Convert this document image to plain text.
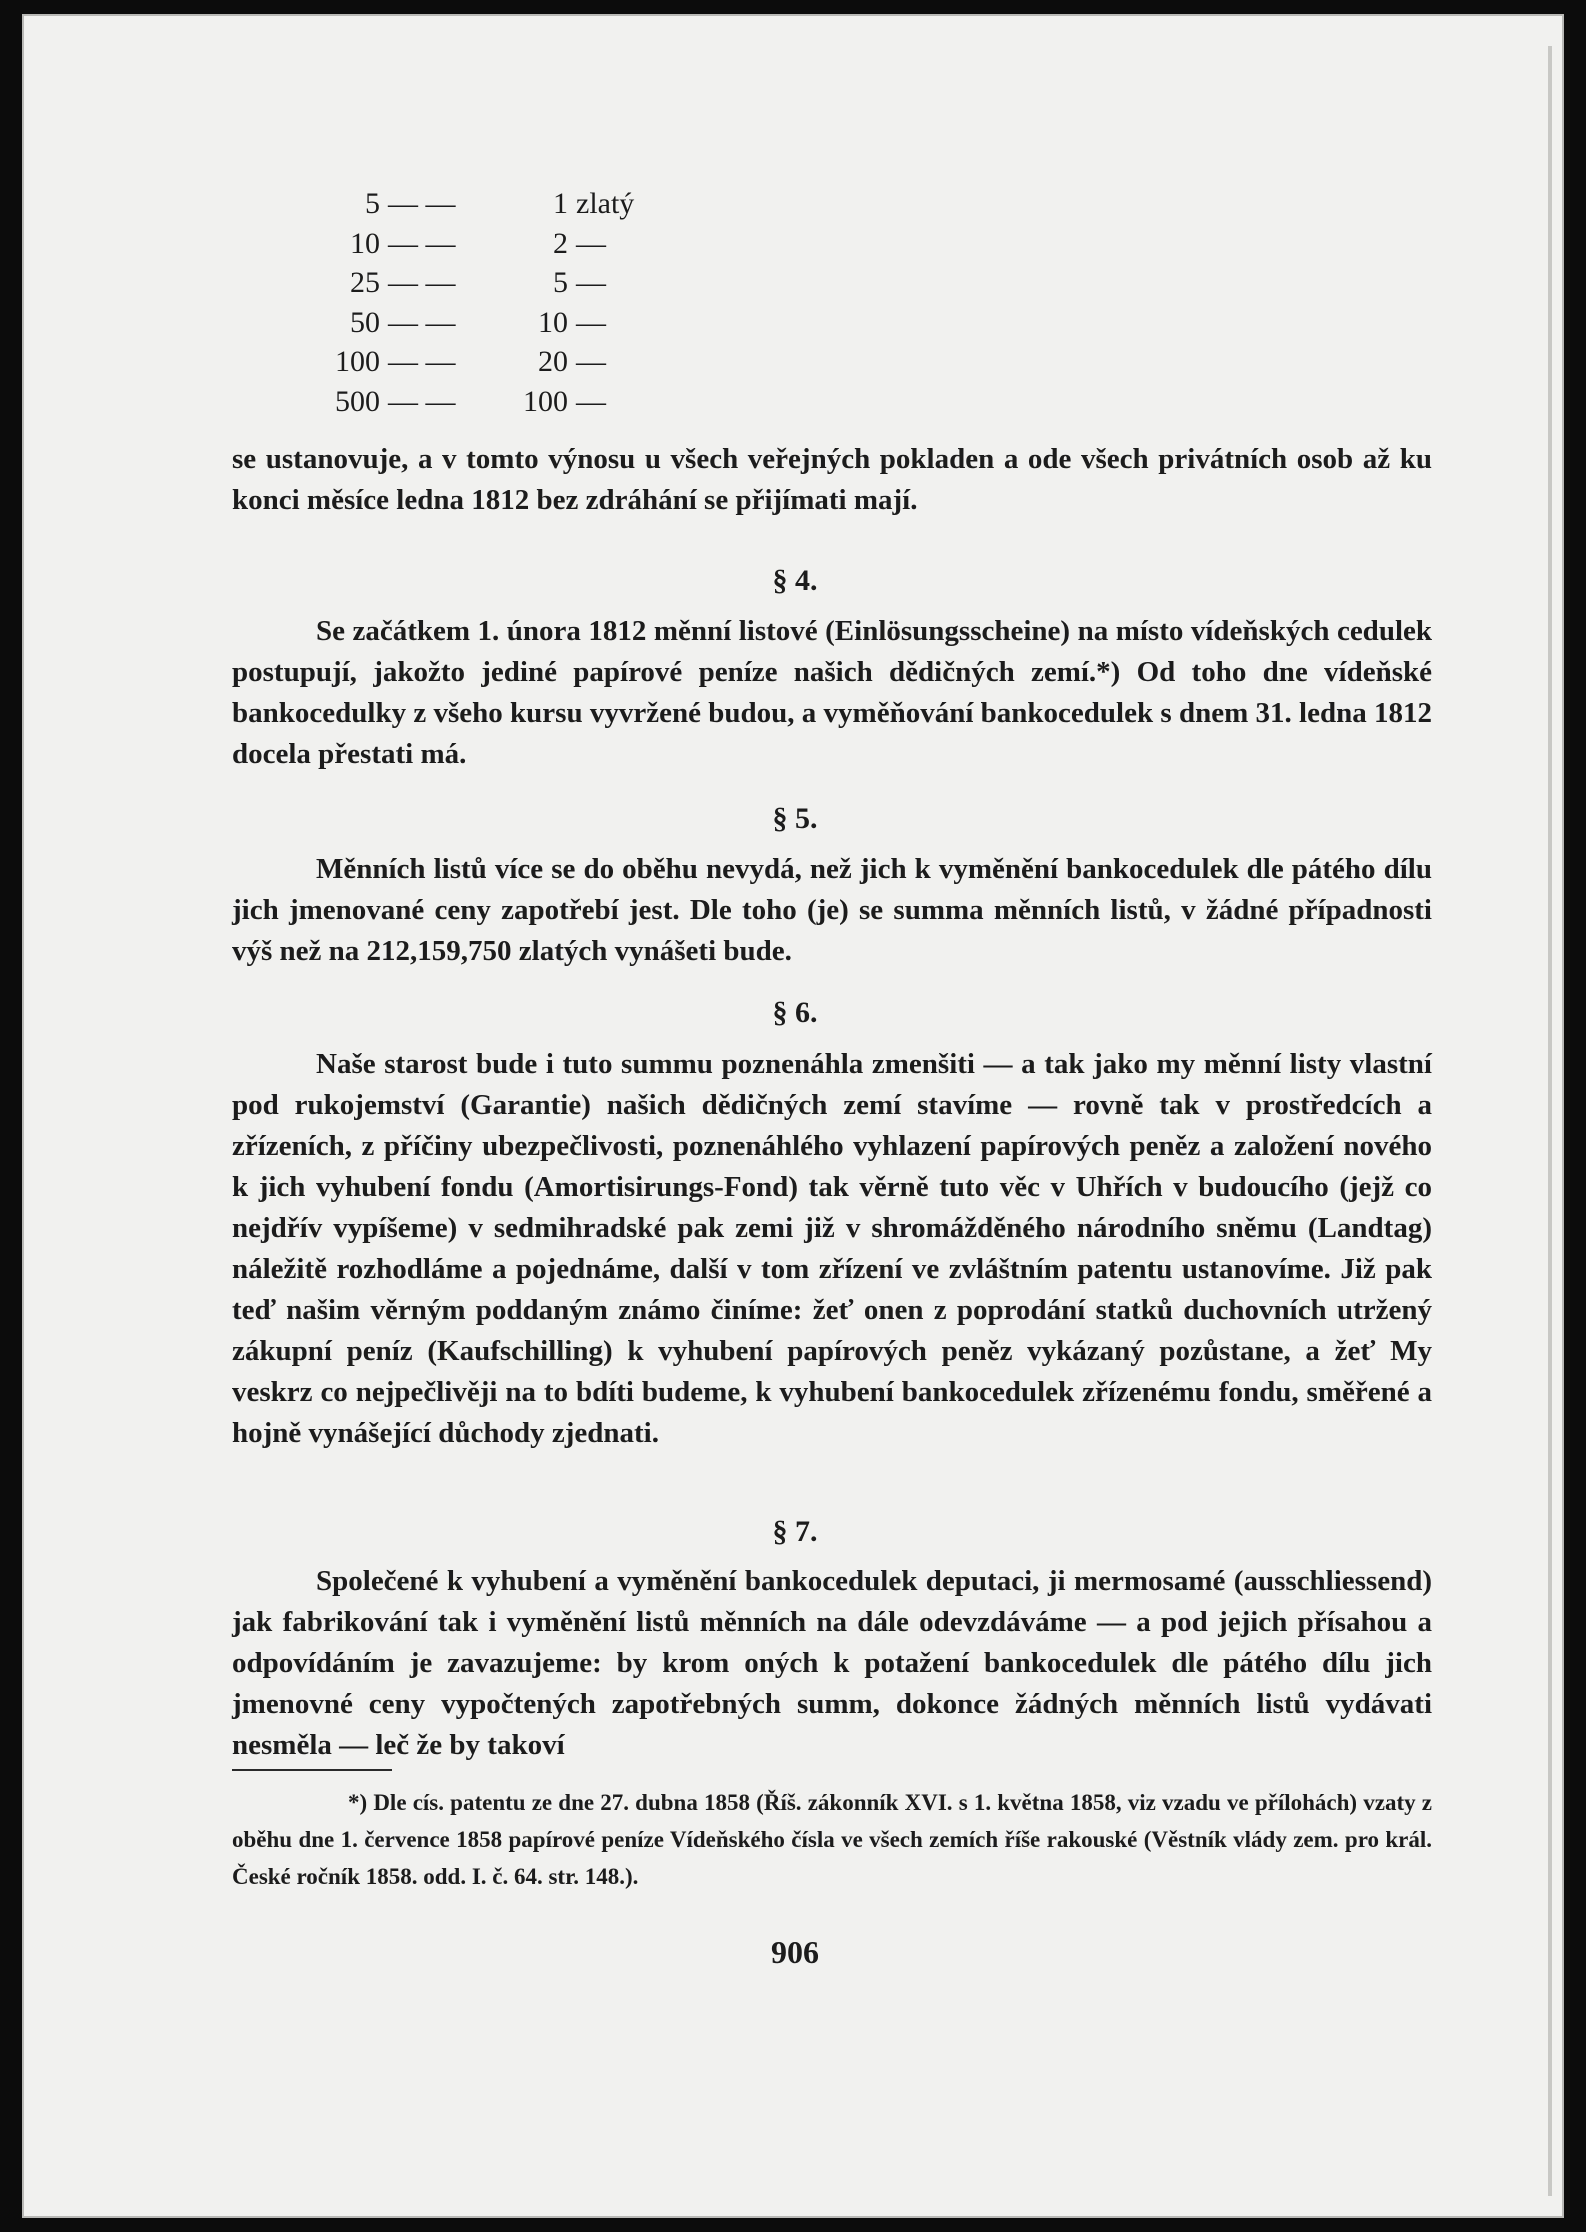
5 — —	1 zlatý
10 — —	2 —
25 — —	5 —
50 — —	10 —
100 — —	20 —
500 — —	100 —

se ustanovuje, a v tomto výnosu u všech veřejných pokladen a ode všech privátních osob až ku konci měsíce ledna 1812 bez zdráhání se přijímati mají.

§ 4.

Se začátkem 1. února 1812 měnní listové (Einlösungsscheine) na místo vídeňských cedulek postupují, jakožto jediné papírové peníze našich dědičných zemí.*) Od toho dne vídeňské bankocedulky z všeho kursu vyvržené budou, a vyměňování bankocedulek s dnem 31. ledna 1812 docela přestati má.

§ 5.

Měnních listů více se do oběhu nevydá, než jich k vyměnění bankocedulek dle pátého dílu jich jmenované ceny zapotřebí jest. Dle toho (je) se summa měnních listů, v žádné případnosti výš než na 212,159,750 zlatých vynášeti bude.

§ 6.

Naše starost bude i tuto summu poznenáhla zmenšiti — a tak jako my měnní listy vlastní pod rukojemství (Garantie) našich dědičných zemí stavíme — rovně tak v prostředcích a zřízeních, z příčiny ubezpečlivosti, poznenáhlého vyhlazení papírových peněz a založení nového k jich vyhubení fondu (Amortisirungs-Fond) tak věrně tuto věc v Uhřích v budoucího (jejž co nejdřív vypíšeme) v sedmihradské pak zemi již v shromážděného národního sněmu (Landtag) náležitě rozhodláme a pojednáme, další v tom zřízení ve zvláštním patentu ustanovíme. Již pak teď našim věrným poddaným známo činíme: žeť onen z poprodání statků duchovních utržený zákupní peníz (Kaufschilling) k vyhubení papírových peněz vykázaný pozůstane, a žeť My veskrz co nejpečlivěji na to bdíti budeme, k vyhubení bankocedulek zřízenému fondu, směřené a hojně vynášející důchody zjednati.

§ 7.

Společené k vyhubení a vyměnění bankocedulek deputaci, ji mermosamé (ausschliessend) jak fabrikování tak i vyměnění listů měnních na dále odevzdáváme — a pod jejich přísahou a odpovídáním je zavazujeme: by krom oných k potažení bankocedulek dle pátého dílu jich jmenovné ceny vypočtených zapotřebných summ, dokonce žádných měnních listů vydávati nesměla — leč že by takoví

*) Dle cís. patentu ze dne 27. dubna 1858 (Říš. zákonník XVI. s 1. května 1858, viz vzadu ve přílohách) vzaty z oběhu dne 1. července 1858 papírové peníze Vídeňského čísla ve všech zemích říše rakouské (Věstník vlády zem. pro král. České ročník 1858. odd. I. č. 64. str. 148.).

906
